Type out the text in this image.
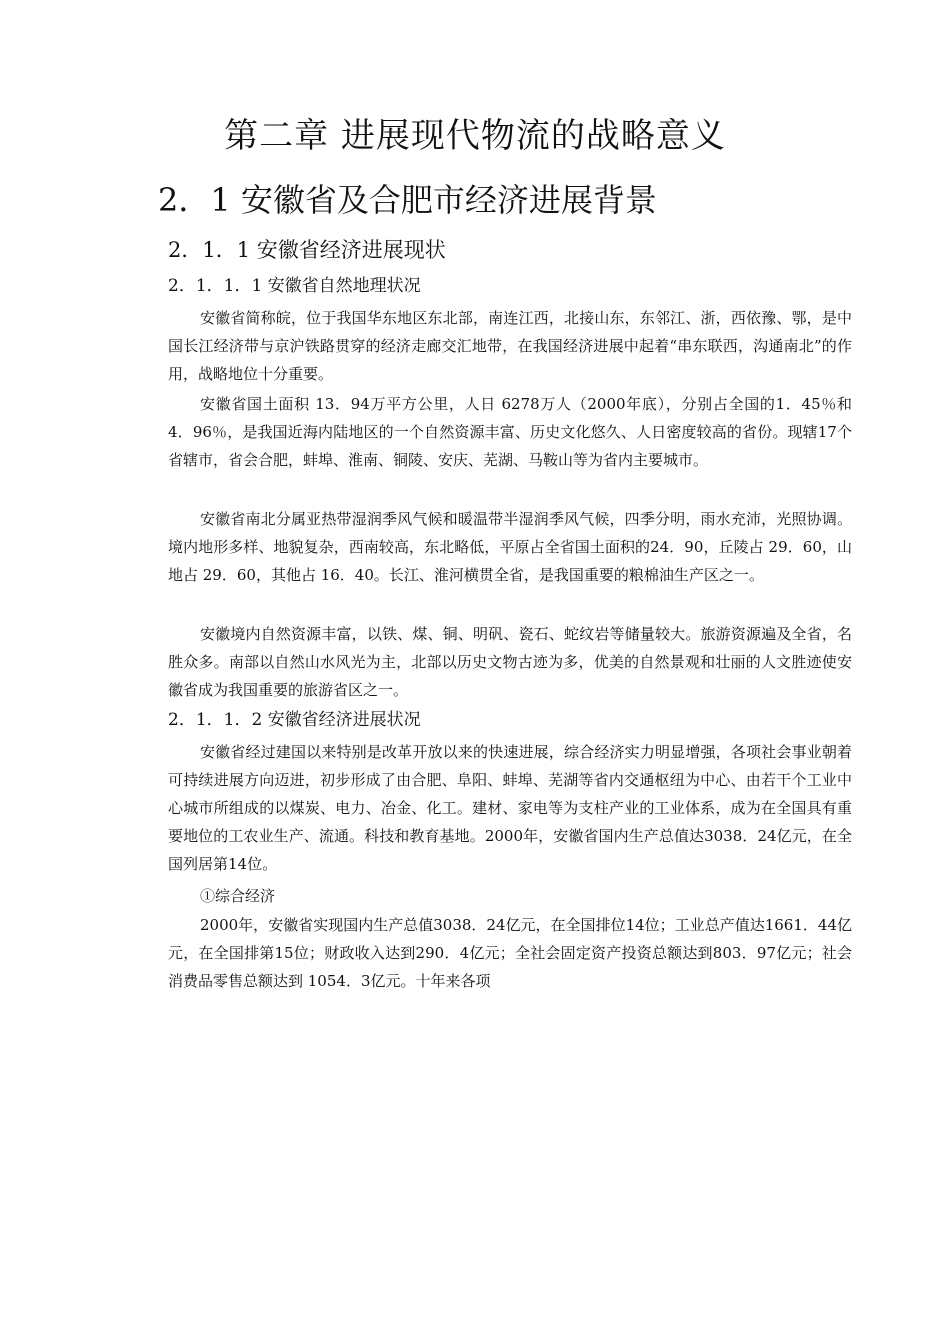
第二章 进展现代物流的战略意义
2．1 安徽省及合肥市经济进展背景
2．1．1 安徽省经济进展现状
2．1．1．1 安徽省自然地理状况

安徽省简称皖，位于我国华东地区东北部，南连江西，北接山东，东邻江、浙，西依豫、鄂，是中国长江经济带与京沪铁路贯穿的经济走廊交汇地带，在我国经济进展中起着“串东联西，沟通南北”的作用，战略地位十分重要。

安徽省国土面积 13．94万平方公里，人日 6278万人（2000年底），分别占全国的1．45％和 4．96％，是我国近海内陆地区的一个自然资源丰富、历史文化悠久、人日密度较高的省份。现辖17个省辖市，省会合肥，蚌埠、淮南、铜陵、安庆、芜湖、马鞍山等为省内主要城市。

安徽省南北分属亚热带湿润季风气候和暖温带半湿润季风气候，四季分明，雨水充沛，光照协调。境内地形多样、地貌复杂，西南较高，东北略低，平原占全省国土面积的24．90，丘陵占 29．60，山地占 29．60，其他占 16．40。长江、淮河横贯全省，是我国重要的粮棉油生产区之一。

安徽境内自然资源丰富，以铁、煤、铜、明矾、瓷石、蛇纹岩等储量较大。旅游资源遍及全省，名胜众多。南部以自然山水风光为主，北部以历史文物古迹为多，优美的自然景观和壮丽的人文胜迹使安徽省成为我国重要的旅游省区之一。

2．1．1．2 安徽省经济进展状况

安徽省经过建国以来特别是改革开放以来的快速进展，综合经济实力明显增强，各项社会事业朝着可持续进展方向迈进，初步形成了由合肥、阜阳、蚌埠、芜湖等省内交通枢纽为中心、由若干个工业中心城市所组成的以煤炭、电力、冶金、化工。建材、家电等为支柱产业的工业体系，成为在全国具有重要地位的工农业生产、流通。科技和教育基地。2000年，安徽省国内生产总值达3038．24亿元，在全国列居第14位。

①综合经济

2000年，安徽省实现国内生产总值3038．24亿元，在全国排位14位；工业总产值达1661．44亿元，在全国排第15位；财政收入达到290．4亿元；全社会固定资产投资总额达到803．97亿元；社会消费品零售总额达到 1054．3亿元。十年来各项
